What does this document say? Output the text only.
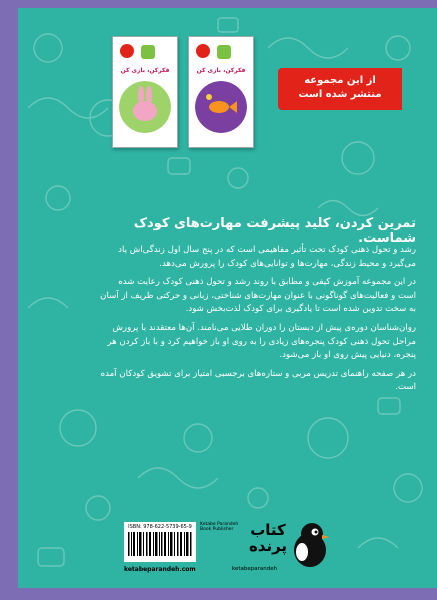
فکرکن، بازی کن	فکرکن، بازی کن
از این مجموعه
منتشر شده است
تمرین کردن، کلید پیشرفت مهارت‌های کودک شماست.

رشد و تحول ذهنی کودک تحت تأثیر مفاهیمی است که در پنج سال اول زندگی‌اش یاد می‌گیرد و محیط زندگی، مهارت‌ها و توانایی‌های کودک را پرورش می‌دهد.

در این مجموعه آموزش کیفی و مطابق با روند رشد و تحول ذهنی کودک رعایت شده است و فعالیت‌های گوناگونی با عنوان مهارت‌های شناختی، زبانی و حرکتی ظریف از آسان به سخت تدوین شده است تا یادگیری برای کودک لذت‌بخش شود.

روان‌شناسان دوره‌ی پیش از دبستان را دوران طلایی می‌نامند. آن‌ها معتقدند با پرورش مراحل تحول ذهنی کودک پنجره‌های زیادی را به روی او باز خواهیم کرد و با باز کردن هر پنجره، دنیایی پیش روی او باز می‌شود.

در هر صفحه راهنمای تدریس مربی و ستاره‌های برجسبی امتیاز برای تشویق کودکان آمده است.

ISBN: 978-622-5739-65-9	Ketabe Parandeh Book Publisher	کتاب پرنده
ketabeparandeh.com	ketabeparandeh
